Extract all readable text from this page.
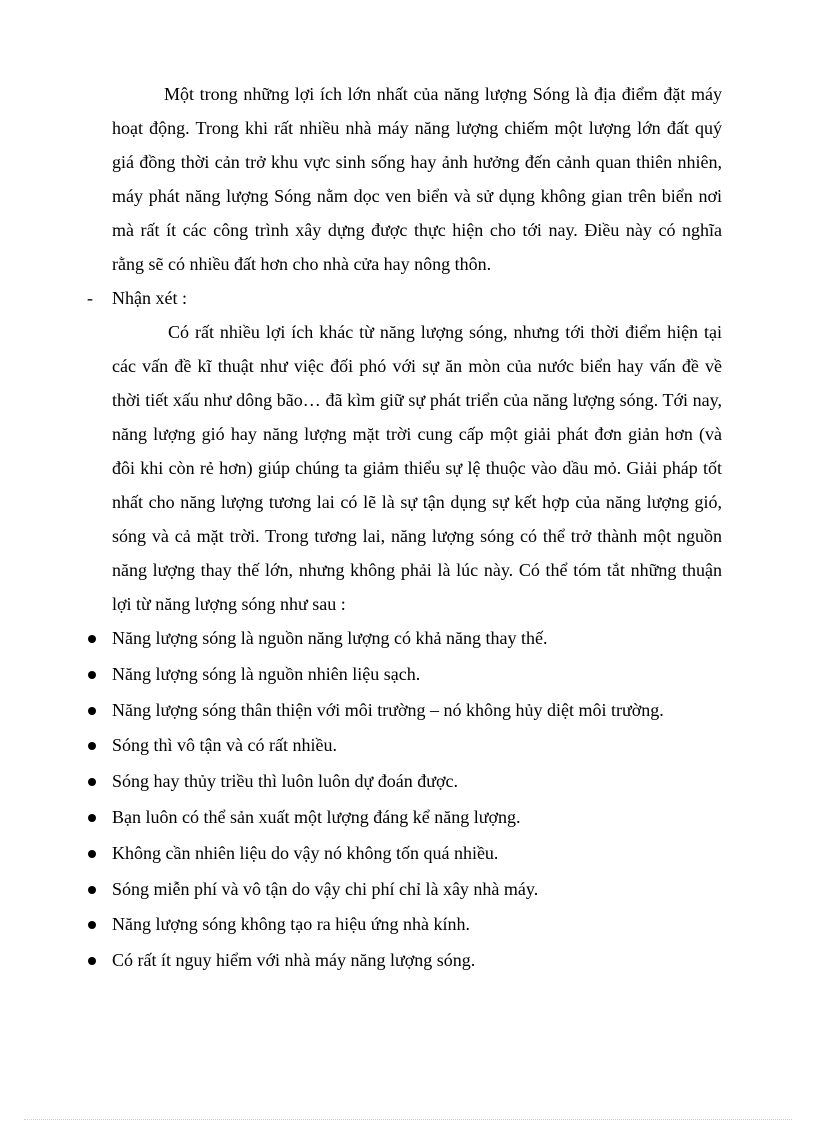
Một trong những lợi ích lớn nhất của năng lượng Sóng là địa điểm đặt máy hoạt động. Trong khi rất nhiều nhà máy năng lượng chiếm một lượng lớn đất quý giá đồng thời cản trở khu vực sinh sống hay ảnh hưởng đến cảnh quan thiên nhiên, máy phát năng lượng Sóng nằm dọc ven biển và sử dụng không gian trên biển nơi mà rất ít các công trình xây dựng được thực hiện cho tới nay. Điều này có nghĩa rằng sẽ có nhiều đất hơn cho nhà cửa hay nông thôn.

- Nhận xét :

Có rất nhiều lợi ích khác từ năng lượng sóng, nhưng tới thời điểm hiện tại các vấn đề kĩ thuật như việc đối phó với sự ăn mòn của nước biển hay vấn đề về thời tiết xấu như dông bão… đã kìm giữ sự phát triển của năng lượng sóng. Tới nay, năng lượng gió hay năng lượng mặt trời cung cấp một giải phát đơn giản hơn (và đôi khi còn rẻ hơn) giúp chúng ta giảm thiểu sự lệ thuộc vào dầu mỏ. Giải pháp tốt nhất cho năng lượng tương lai có lẽ là sự tận dụng sự kết hợp của năng lượng gió, sóng và cả mặt trời. Trong tương lai, năng lượng sóng có thể trở thành một nguồn năng lượng thay thế lớn, nhưng không phải là lúc này. Có thể tóm tắt những thuận lợi từ năng lượng sóng như sau :

Năng lượng sóng là nguồn năng lượng có khả năng thay thế.
Năng lượng sóng là nguồn nhiên liệu sạch.
Năng lượng sóng thân thiện với môi trường – nó không hủy diệt môi trường.
Sóng thì vô tận và có rất nhiều.
Sóng hay thủy triều thì luôn luôn dự đoán được.
Bạn luôn có thể sản xuất một lượng đáng kể năng lượng.
Không cần nhiên liệu do vậy nó không tốn quá nhiều.
Sóng miễn phí và vô tận do vậy chi phí chỉ là xây nhà máy.
Năng lượng sóng không tạo ra hiệu ứng nhà kính.
Có rất ít nguy hiểm với nhà máy năng lượng sóng.
